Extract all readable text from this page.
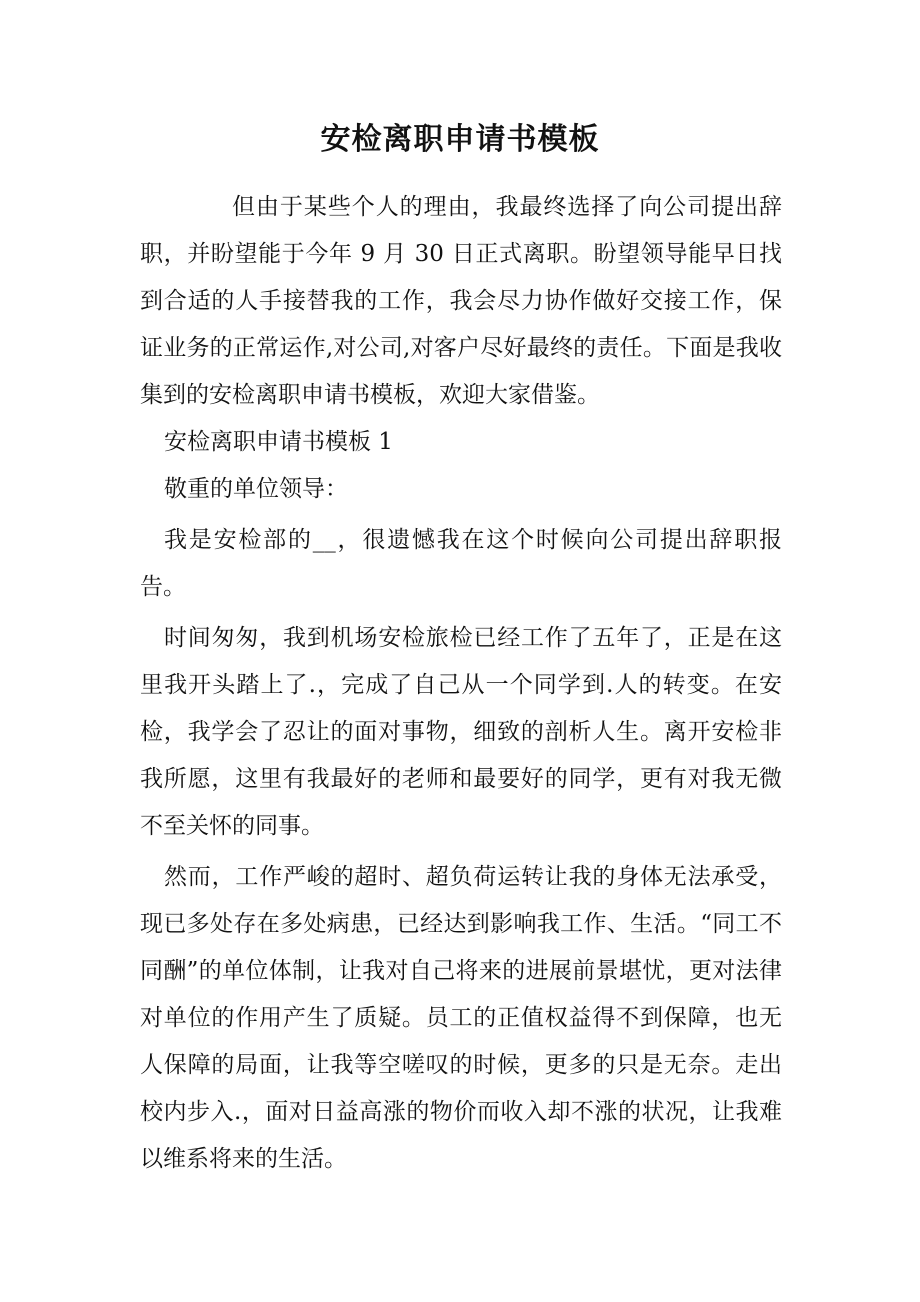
安检离职申请书模板

但由于某些个人的理由，我最终选择了向公司提出辞职，并盼望能于今年 9 月 30 日正式离职。盼望领导能早日找到合适的人手接替我的工作，我会尽力协作做好交接工作，保证业务的正常运作,对公司,对客户尽好最终的责任。下面是我收集到的安检离职申请书模板，欢迎大家借鉴。

安检离职申请书模板 1

敬重的单位领导：

我是安检部的__，很遗憾我在这个时候向公司提出辞职报告。

时间匆匆，我到机场安检旅检已经工作了五年了，正是在这里我开头踏上了.，完成了自己从一个同学到.人的转变。在安检，我学会了忍让的面对事物，细致的剖析人生。离开安检非我所愿，这里有我最好的老师和最要好的同学，更有对我无微不至关怀的同事。

然而，工作严峻的超时、超负荷运转让我的身体无法承受，现已多处存在多处病患，已经达到影响我工作、生活。“同工不同酬”的单位体制，让我对自己将来的进展前景堪忧，更对法律对单位的作用产生了质疑。员工的正值权益得不到保障，也无人保障的局面，让我等空嗟叹的时候，更多的只是无奈。走出校内步入.，面对日益高涨的物价而收入却不涨的状况，让我难以维系将来的生活。
